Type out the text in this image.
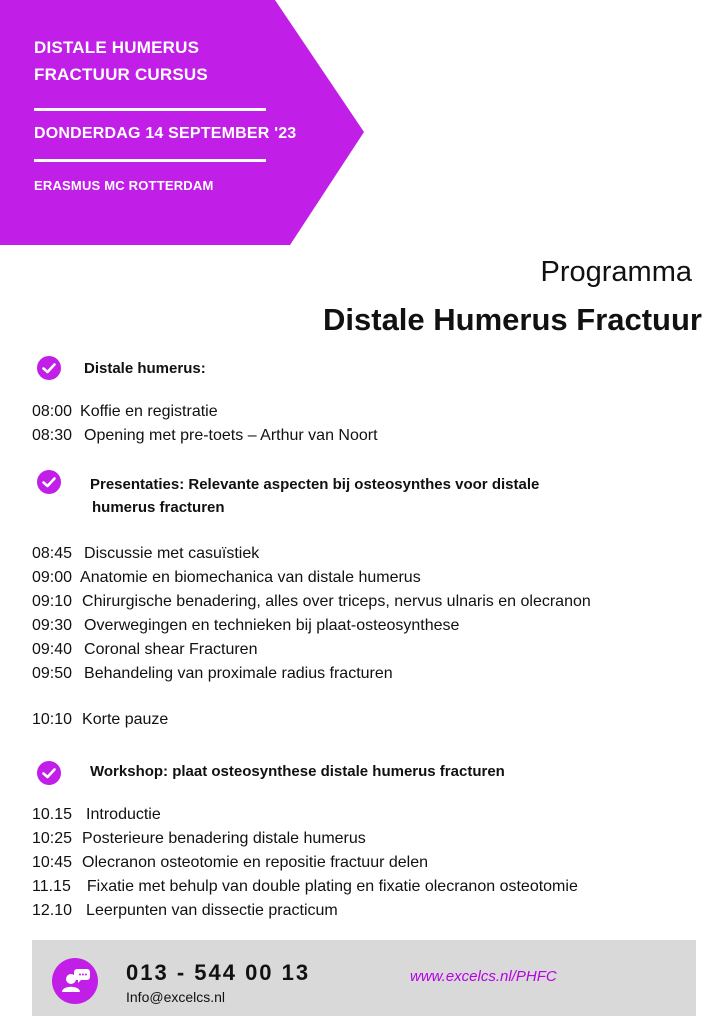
DISTALE HUMERUS
FRACTUUR CURSUS
DONDERDAG 14 SEPTEMBER '23
ERASMUS MC ROTTERDAM
Programma
Distale Humerus Fractuur
Distale humerus:
08:00 Koffie en registratie
08:30 Opening met pre-toets – Arthur van Noort
Presentaties: Relevante aspecten bij osteosynthes voor distale
humerus fracturen
08:45 Discussie met casuïstiek
09:00 Anatomie en biomechanica van distale humerus
09:10 Chirurgische benadering, alles over triceps, nervus ulnaris en olecranon
09:30 Overwegingen en technieken bij plaat-osteosynthese
09:40 Coronal shear Fracturen
09:50 Behandeling van proximale radius fracturen
10:10 Korte pauze
Workshop: plaat osteosynthese distale humerus fracturen
10.15 Introductie
10:25 Posterieure benadering distale humerus
10:45 Olecranon osteotomie en repositie fractuur delen
11.15 Fixatie met behulp van double plating en fixatie olecranon osteotomie
12.10 Leerpunten van dissectie practicum
013 - 544 00 13
Info@excelcs.nl
www.excelcs.nl/PHFC
